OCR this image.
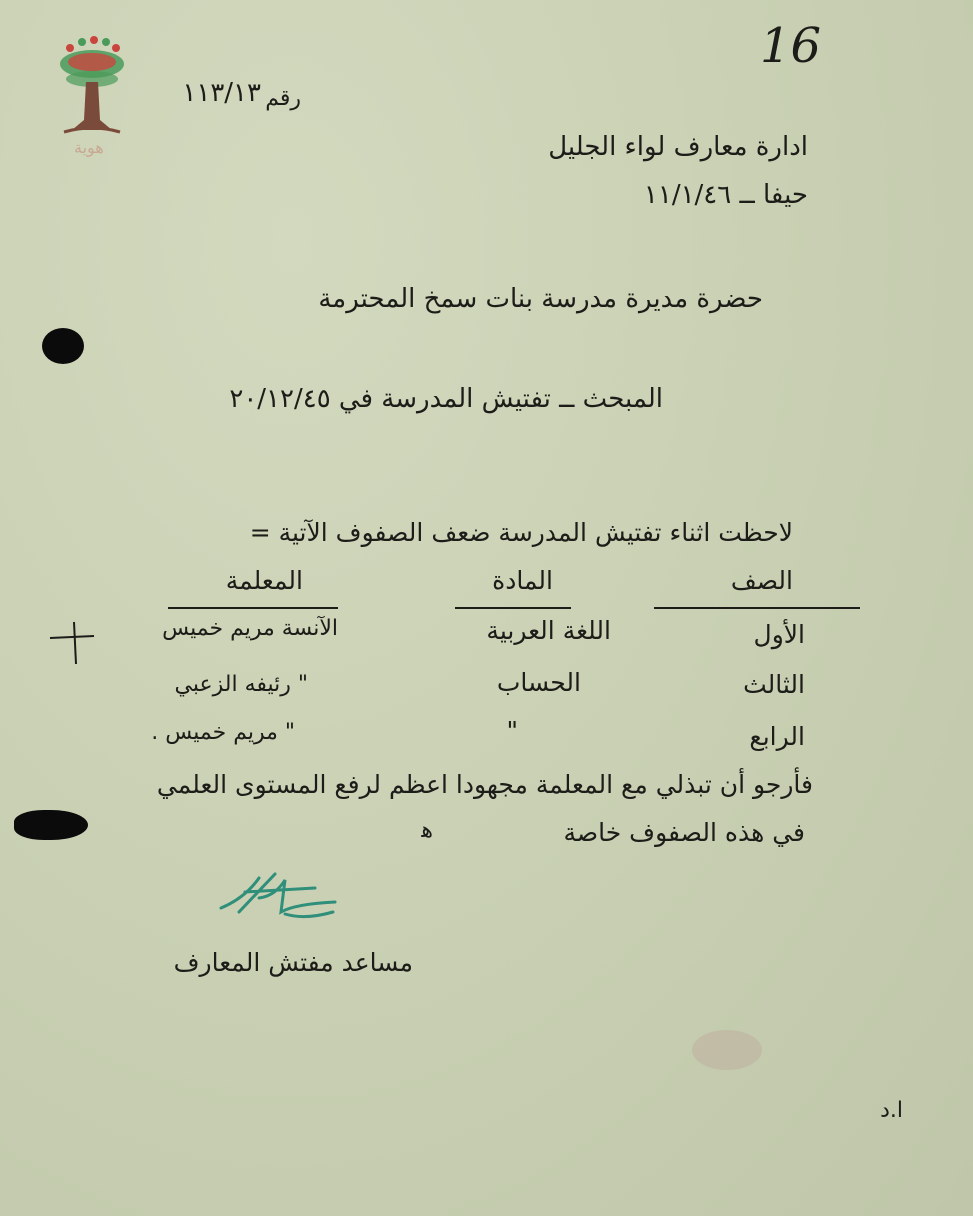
16
هوية
رقم
١١٣/١٣
ادارة معارف لواء الجليل
حيفا ــ ١١/١/٤٦
حضرة مديرة مدرسة بنات سمخ المحترمة
المبحث ــ تفتيش المدرسة في ٢٠/١٢/٤٥
لاحظت اثناء تفتيش المدرسة ضعف الصفوف الآتية =
الصف
المادة
المعلمة
الأول
اللغة العربية
الآنسة مريم خميس
الثالث
الحساب
" رئيفه الزعبي
الرابع
"
" مريم خميس .
فأرجو أن تبذلي مع المعلمة مجهودا اعظم لرفع المستوى العلمي
في هذه الصفوف خاصة
ﻫ
مساعد مفتش المعارف
ا.د
